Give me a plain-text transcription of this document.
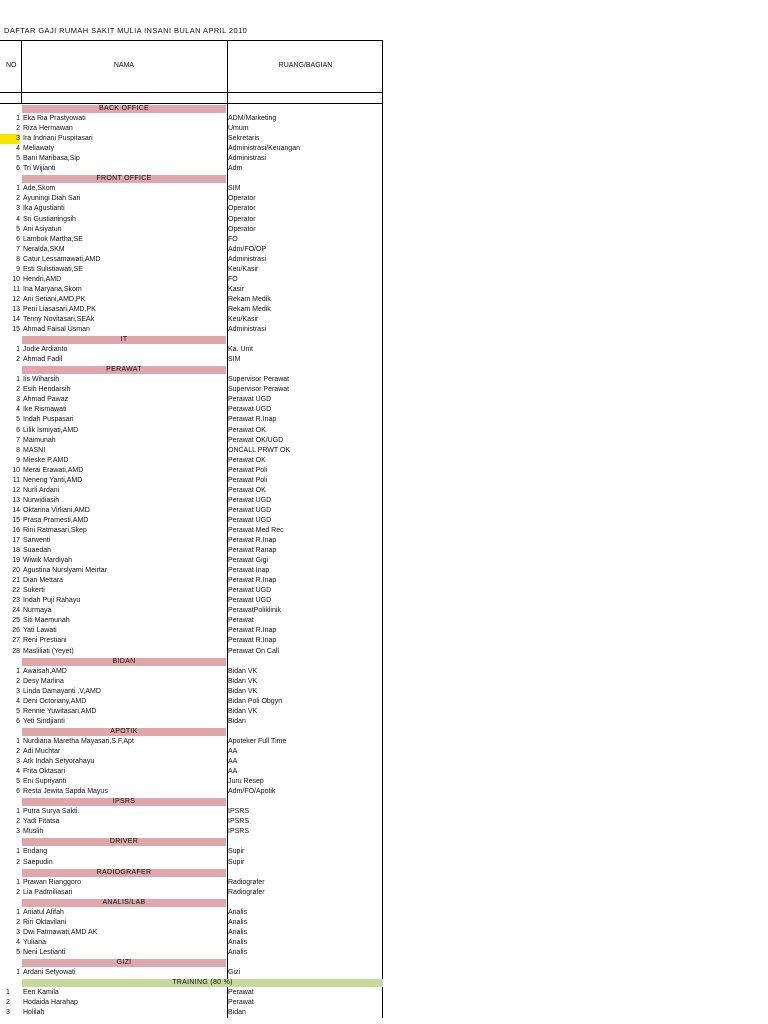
DAFTAR GAJI RUMAH SAKIT MULIA INSANI BULAN APRIL 2010
NO	NAMA	RUANG/BAGIAN
BACK OFFICE
1 Eka Ria Prastyowati	ADM/Marketing
2 Riza Hermawan	Umum
3 Ira Indriani Puspitasari	Sekretaris
4 Meliawaty	Administrasi/Keuangan
5 Bani Maribasa,Sip	Administrasi
6 Tri Wijianti	Adm
FRONT OFFICE
1 Ade,Skom	SIM
2 Ayuningi Diah Sari	Operator
3 Ika Agustianti	Operator
4 Sri Gustianingsih	Operator
5 Ani Asiyatun	Operator
6 Lambok Martha,SE	FO
7 Neralda,SKM	Adm/FO/OP
8 Catur Lessamawati,AMD	Administrasi
9 Esti Sulistiawati,SE	Keu/Kasir
10 Hendri,AMD	FO
11 Ina Maryana,Skom	Kasir
12 Ani Setiani,AMD,PK	Rekam Medik
13 Peni Liasasari,AMD,PK	Rekam Medik
14 Tenny Novitasari,SEAk	Keu/Kasir
15 Ahmad Faisal Usman	Administrasi
IT
1 Jodie Ardianto	Ka. Unit
2 Ahmad Fadil	SIM
PERAWAT
1 Iis Wiharsih	Supervisor Perawat
2 Esih Hendarsih	Supervisor Perawat
3 Ahmad Pawaz	Perawat UGD
4 Ike Rismawati	Perawat UGD
5 Indah Puspasari	Perawat R.Inap
6 Lilik Ismiyati,AMD	Perawat OK
7 Maimunah	Perawat OK/UGD
8 MASNI	ONCALL PRWT OK
9 Mieske P,AMD	Perawat OK
10 Merai Erawati,AMD	Perawat Poli
11 Neneng Yanti,AMD	Perawat Poli
12 Nurli Ardani	Perawat OK
13 Nurwidiasih	Perawat UGD
14 Oktarina Virliani,AMD	Perawat UGD
15 Prasa Pramesti,AMD	Perawat UGD
16 Rini Ratmasari,Skep	Perawat Med Rec
17 Sarwenti	Perawat R.Inap
18 Suaedah	Perawat Ranap
19 Wiwik Mardiyah	Perawat Gigi
20 Agustina Nurslyami Meirtar	Perawat Inap
21 Dian Mettara	Perawat R.Inap
22 Sukerti	Perawat UGD
23 Indah Puji Rahayu	Perawat UGD
24 Nurmaya	PerawatPoliklinik
25 Siti Maemunah	Perawat
26 Yati Lawati	Perawat R.Inap
27 Reni Prestiani	Perawat R.Inap
28 Masliliati (Yeyet)	Perawat On Call
BIDAN
1 Awaisah,AMD	Bidan VK
2 Desy Marlina	Bidan VK
3 Linda Damayanti ,V,AMD	Bidan VK
4 Deni Octoriany,AMD	Bidan Poli Obgyn
5 Rennie Yuwitasari,AMD	Bidan VK
6 Yeti Sindjianti	Bidan
APOTIK
1 Nurdiana Maretha Mayasari,S.F,Apt	Apoteker Full Time
2 Adi Muchtar	AA
3 Ark Indah Setyorahayu	AA
4 Frita Oktasari	AA
5 Eni Supriyanti	Juru Resep
6 Resta Jewita Sapda Mayus	Adm/FO/Apotik
IPSRS
1 Putra Surya Sakti.	IPSRS
2 Yadi Fitatsa	IPSRS
3 Muslih	IPSRS
DRIVER
1 Endang	Supir
2 Saepudin	Supir
RADIOGRAFER
1 Prawan Rianggoro	Radiografer
2 Lia Padmiliasari	Radiografer
ANALIS/LAB
1 Aniatul Afifah	Analis
2 Riri Oktavilani	Analis
3 Dwi Fatmawati,AMD AK	Analis
4 Yuliana	Analis
5 Neni Lestianti	Analis
GIZI
1 Ardani Setyowati	Gizi
TRAINING (80 %)
1	Een Kamila	Perawat
2	Hodaida Harahap	Perawat
3	Holilah	Bidan
